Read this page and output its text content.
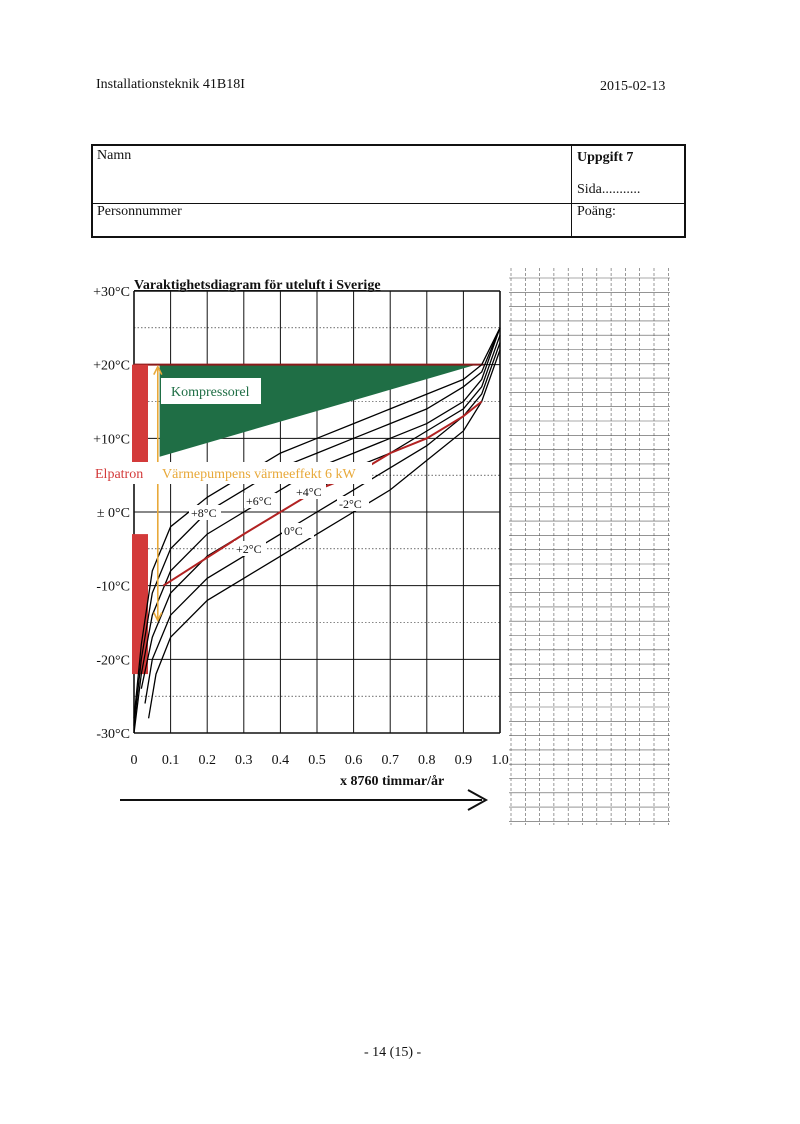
Installationsteknik 41B18I	2015-02-13
Namn
Personnummer
Uppgift 7
Sida...........
Poäng:
Kompressorel
Elpatron Värmepumpens värmeeffekt 6 kW
+8°C
+6°C
+4°C
+2°C
0°C
-2°C
+30°C
+20°C
+10°C
± 0°C
-10°C
-20°C
-30°C
0 0.1 0.2 0.3 0.4 0.5 0.6 0.7 0.8 0.9 1.0
Varaktighetsdiagram för uteluft i Sverige
x 8760 timmar/år
- 14 (15) -
